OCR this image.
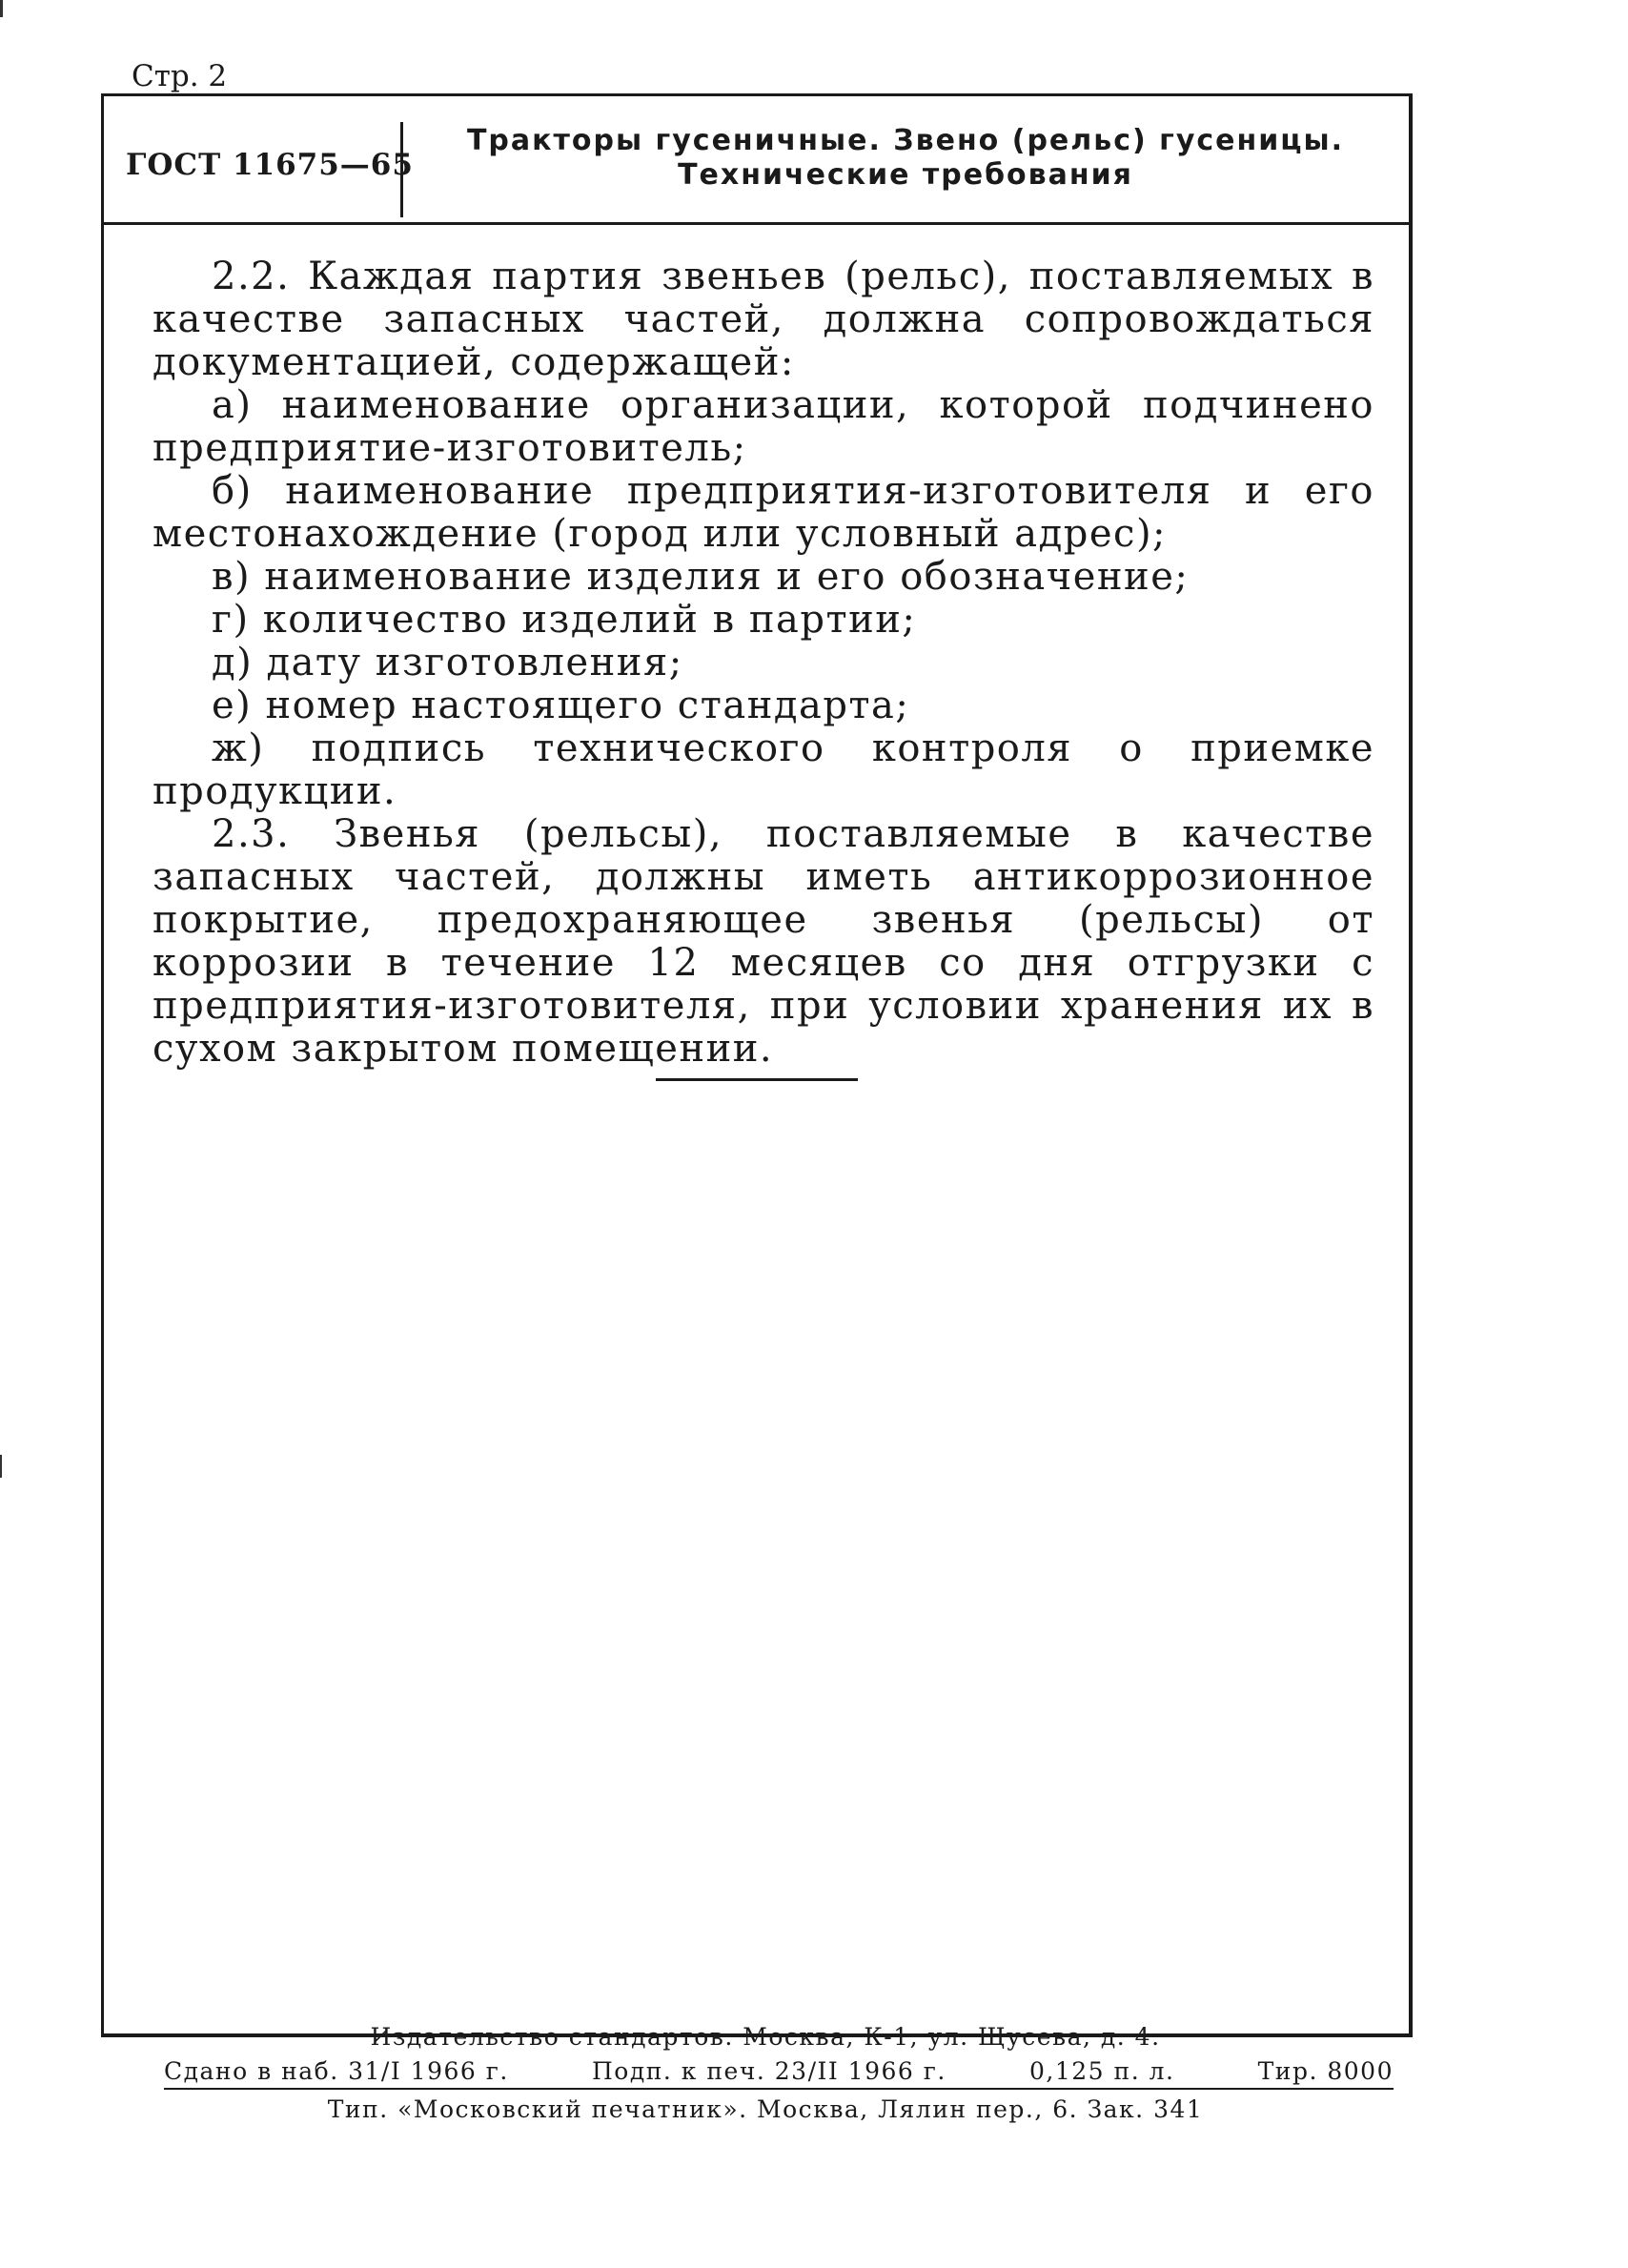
Стр. 2
ГОСТ 11675—65
Тракторы гусеничные. Звено (рельс) гусеницы.
Технические требования

2.2. Каждая партия звеньев (рельс), поставляемых в качестве запасных частей, должна сопровождаться документацией, содержащей:

а) наименование организации, которой подчинено предприятие-изготовитель;

б) наименование предприятия-изготовителя и его местонахождение (город или условный адрес);

в) наименование изделия и его обозначение;

г) количество изделий в партии;

д) дату изготовления;

е) номер настоящего стандарта;

ж) подпись технического контроля о приемке продукции.

2.3. Звенья (рельсы), поставляемые в качестве запасных частей, должны иметь антикоррозионное покрытие, предохраняющее звенья (рельсы) от коррозии в течение 12 месяцев со дня отгрузки с предприятия-изготовителя, при условии хранения их в сухом закрытом помещении.

Издательство стандартов. Москва, К-1, ул. Щусева, д. 4.
Сдано в наб. 31/I 1966 г.	Подп. к печ. 23/II 1966 г.	0,125 п. л.	Тир. 8000
Тип. «Московский печатник». Москва, Лялин пер., 6. Зак. 341
